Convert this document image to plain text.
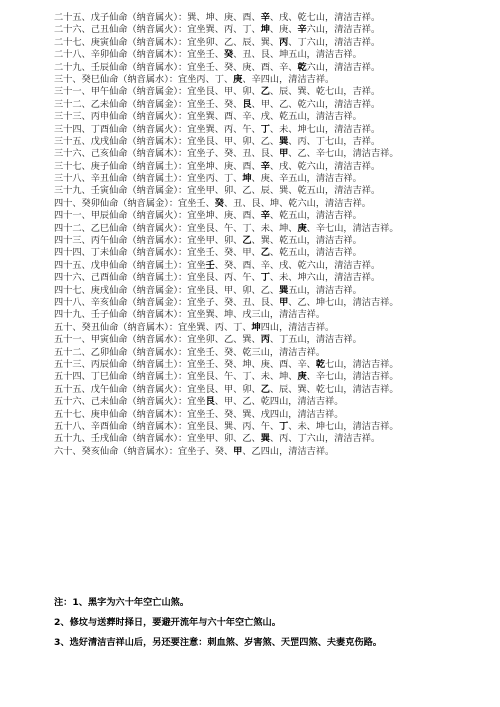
二十五、戊子仙命（纳音属火）：巽、坤、庚、酉、辛、戌、乾七山，清洁吉祥。
二十六、己丑仙命（纳音属火）：宜坐巽、丙、丁、坤、庚、辛六山，清洁吉祥。
二十七、庚寅仙命（纳音属木）：宜坐卯、乙、辰、巽、丙、丁六山，清洁吉祥。
二十八、辛卯仙命（纳音属木）：宜坐壬、癸、丑、艮、坤五山，清洁吉祥。
二十九、壬辰仙命（纳音属水）：宜坐壬、癸、庚、酉、辛、乾六山，清洁吉祥。
三十、癸巳仙命（纳音属水）：宜坐丙、丁、庚、辛四山，清洁吉祥。
三十一、甲午仙命（纳音属金）：宜坐艮、甲、卯、乙、辰、巽、乾七山，吉祥。
三十二、乙未仙命（纳音属金）：宜坐壬、癸、艮、甲、乙、乾六山，清洁吉祥。
三十三、丙申仙命（纳音属火）：宜坐巽、酉、辛、戌、乾五山，清洁吉祥。
三十四、丁酉仙命（纳音属火）：宜坐巽、丙、午、丁、未、坤七山，清洁吉祥。
三十五、戊戌仙命（纳音属木）：宜坐艮、甲、卯、乙、巽、丙、丁七山，吉祥。
三十六、己亥仙命（纳音属木）：宜坐子、癸、丑、艮、甲、乙、辛七山，清洁吉祥。
三十七、庚子仙命（纳音属土）：宜坐坤、庚、酉、辛、戌、乾六山，清洁吉祥。
三十八、辛丑仙命（纳音属土）：宜坐丙、丁、坤、庚、辛五山，清洁吉祥。
三十九、壬寅仙命（纳音属金）：宜坐甲、卯、乙、辰、巽、乾五山，清洁吉祥。
四十、癸卯仙命（纳音属金）：宜坐壬、癸、丑、艮、坤、乾六山，清洁吉祥。
四十一、甲辰仙命（纳音属火）：宜坐坤、庚、酉、辛、乾五山，清洁吉祥。
四十二、乙巳仙命（纳音属火）：宜坐艮、午、丁、未、坤、庚、辛七山，清洁吉祥。
四十三、丙午仙命（纳音属水）：宜坐甲、卯、乙、巽、乾五山，清洁吉祥。
四十四、丁未仙命（纳音属水）：宜坐壬、癸、甲、乙、乾五山，清洁吉祥。
四十五、戊申仙命（纳音属土）：宜坐壬、癸、酉、辛、戌、乾六山，清洁吉祥。
四十六、己酉仙命（纳音属土）：宜坐艮、丙、午、丁、未、坤六山，清洁吉祥。
四十七、庚戌仙命（纳音属金）：宜坐艮、甲、卯、乙、巽五山，清洁吉祥。
四十八、辛亥仙命（纳音属金）：宜坐子、癸、丑、艮、甲、乙、坤七山，清洁吉祥。
四十九、壬子仙命（纳音属木）：宜坐巽、坤、戌三山，清洁吉祥。
五十、癸丑仙命（纳音属木）：宜坐巽、丙、丁、坤四山，清洁吉祥。
五十一、甲寅仙命（纳音属水）：宜坐卯、乙、巽、丙、丁五山，清洁吉祥。
五十二、乙卯仙命（纳音属水）：宜坐壬、癸、乾三山，清洁吉祥。
五十三、丙辰仙命（纳音属土）：宜坐壬、癸、坤、庚、酉、辛、乾七山，清洁吉祥。
五十四、丁巳仙命（纳音属土）：宜坐艮、午、丁、未、坤、庚、辛七山，清洁吉祥。
五十五、戊午仙命（纳音属火）：宜坐艮、甲、卯、乙、辰、巽、乾七山，清洁吉祥。
五十六、己未仙命（纳音属火）：宜坐艮、甲、乙、乾四山，清洁吉祥。
五十七、庚申仙命（纳音属木）：宜坐壬、癸、巽、戌四山，清洁吉祥。
五十八、辛酉仙命（纳音属木）：宜坐艮、巽、丙、午、丁、未、坤七山，清洁吉祥。
五十九、壬戌仙命（纳音属水）：宜坐甲、卯、乙、巽、丙、丁六山，清洁吉祥。
六十、癸亥仙命（纳音属水）：宜坐子、癸、甲、乙四山，清洁吉祥。
注：1、黑字为六十年空亡山煞。
2、修坟与送葬时择日，要避开流年与六十年空亡煞山。
3、选好清洁吉祥山后，另还要注意：刺血煞、岁害煞、天罡四煞、夫妻克伤路。
